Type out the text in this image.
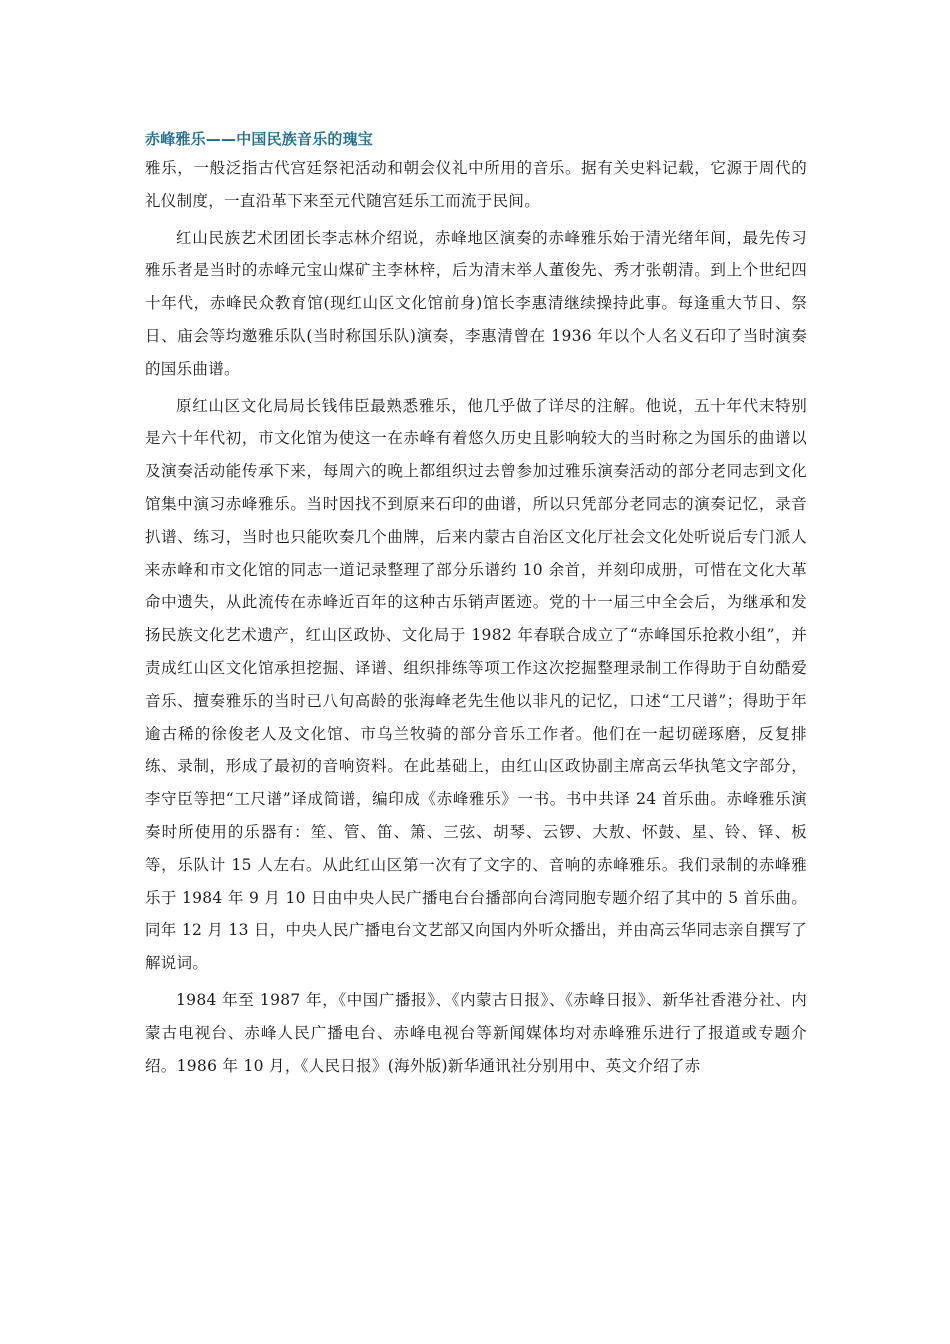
赤峰雅乐——中国民族音乐的瑰宝

雅乐，一般泛指古代宫廷祭祀活动和朝会仪礼中所用的音乐。据有关史料记载，它源于周代的礼仪制度，一直沿革下来至元代随宫廷乐工而流于民间。

红山民族艺术团团长李志林介绍说，赤峰地区演奏的赤峰雅乐始于清光绪年间，最先传习雅乐者是当时的赤峰元宝山煤矿主李林梓，后为清末举人董俊先、秀才张朝清。到上个世纪四十年代，赤峰民众教育馆(现红山区文化馆前身)馆长李惠清继续操持此事。每逢重大节日、祭日、庙会等均邀雅乐队(当时称国乐队)演奏，李惠清曾在 1936 年以个人名义石印了当时演奏的国乐曲谱。

原红山区文化局局长钱伟臣最熟悉雅乐，他几乎做了详尽的注解。他说，五十年代末特别是六十年代初，市文化馆为使这一在赤峰有着悠久历史且影响较大的当时称之为国乐的曲谱以及演奏活动能传承下来，每周六的晚上都组织过去曾参加过雅乐演奏活动的部分老同志到文化馆集中演习赤峰雅乐。当时因找不到原来石印的曲谱，所以只凭部分老同志的演奏记忆，录音扒谱、练习，当时也只能吹奏几个曲牌，后来内蒙古自治区文化厅社会文化处听说后专门派人来赤峰和市文化馆的同志一道记录整理了部分乐谱约 10 余首，并刻印成册，可惜在文化大革命中遗失，从此流传在赤峰近百年的这种古乐销声匿迹。党的十一届三中全会后，为继承和发扬民族文化艺术遗产，红山区政协、文化局于 1982 年春联合成立了“赤峰国乐抢救小组”，并责成红山区文化馆承担挖掘、译谱、组织排练等项工作这次挖掘整理录制工作得助于自幼酷爱音乐、擅奏雅乐的当时已八旬高龄的张海峰老先生他以非凡的记忆，口述“工尺谱”；得助于年逾古稀的徐俊老人及文化馆、市乌兰牧骑的部分音乐工作者。他们在一起切磋琢磨，反复排练、录制，形成了最初的音响资料。在此基础上，由红山区政协副主席高云华执笔文字部分，李守臣等把“工尺谱”译成简谱，编印成《赤峰雅乐》一书。书中共译 24 首乐曲。赤峰雅乐演奏时所使用的乐器有：笙、管、笛、箫、三弦、胡琴、云锣、大敖、怀鼓、星、铃、铎、板等，乐队计 15 人左右。从此红山区第一次有了文字的、音响的赤峰雅乐。我们录制的赤峰雅乐于 1984 年 9 月 10 日由中央人民广播电台台播部向台湾同胞专题介绍了其中的 5 首乐曲。同年 12 月 13 日，中央人民广播电台文艺部又向国内外听众播出，并由高云华同志亲自撰写了解说词。

1984 年至 1987 年，《中国广播报》、《内蒙古日报》、《赤峰日报》、新华社香港分社、内蒙古电视台、赤峰人民广播电台、赤峰电视台等新闻媒体均对赤峰雅乐进行了报道或专题介绍。1986 年 10 月，《人民日报》(海外版)新华通讯社分别用中、英文介绍了赤
